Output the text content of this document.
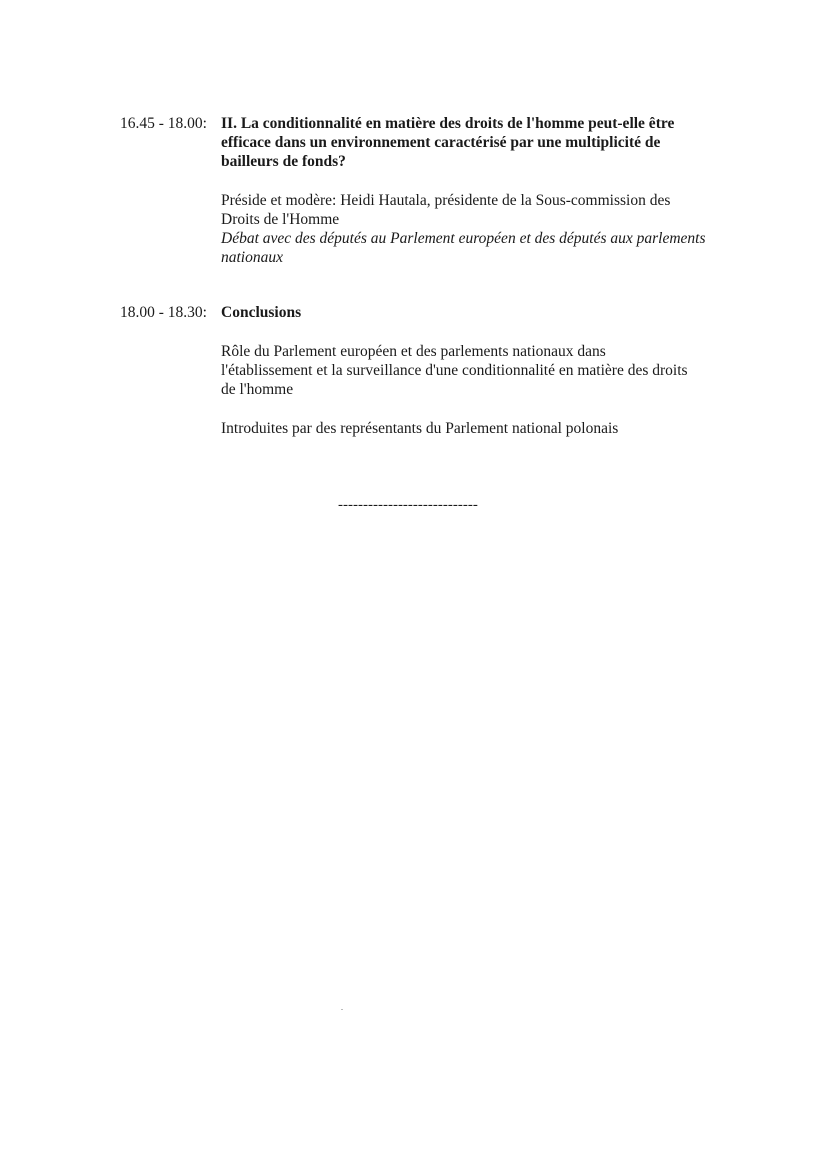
16.45 - 18.00: II. La conditionnalité en matière des droits de l'homme peut-elle être efficace dans un environnement caractérisé par une multiplicité de bailleurs de fonds?

Préside et modère: Heidi Hautala, présidente de la Sous-commission des Droits de l'Homme

Débat avec des députés au Parlement européen et des députés aux parlements nationaux

18.00 - 18.30: Conclusions

Rôle du Parlement européen et des parlements nationaux dans l'établissement et la surveillance d'une conditionnalité en matière des droits de l'homme

Introduites par des représentants du Parlement national polonais

----------------------------
